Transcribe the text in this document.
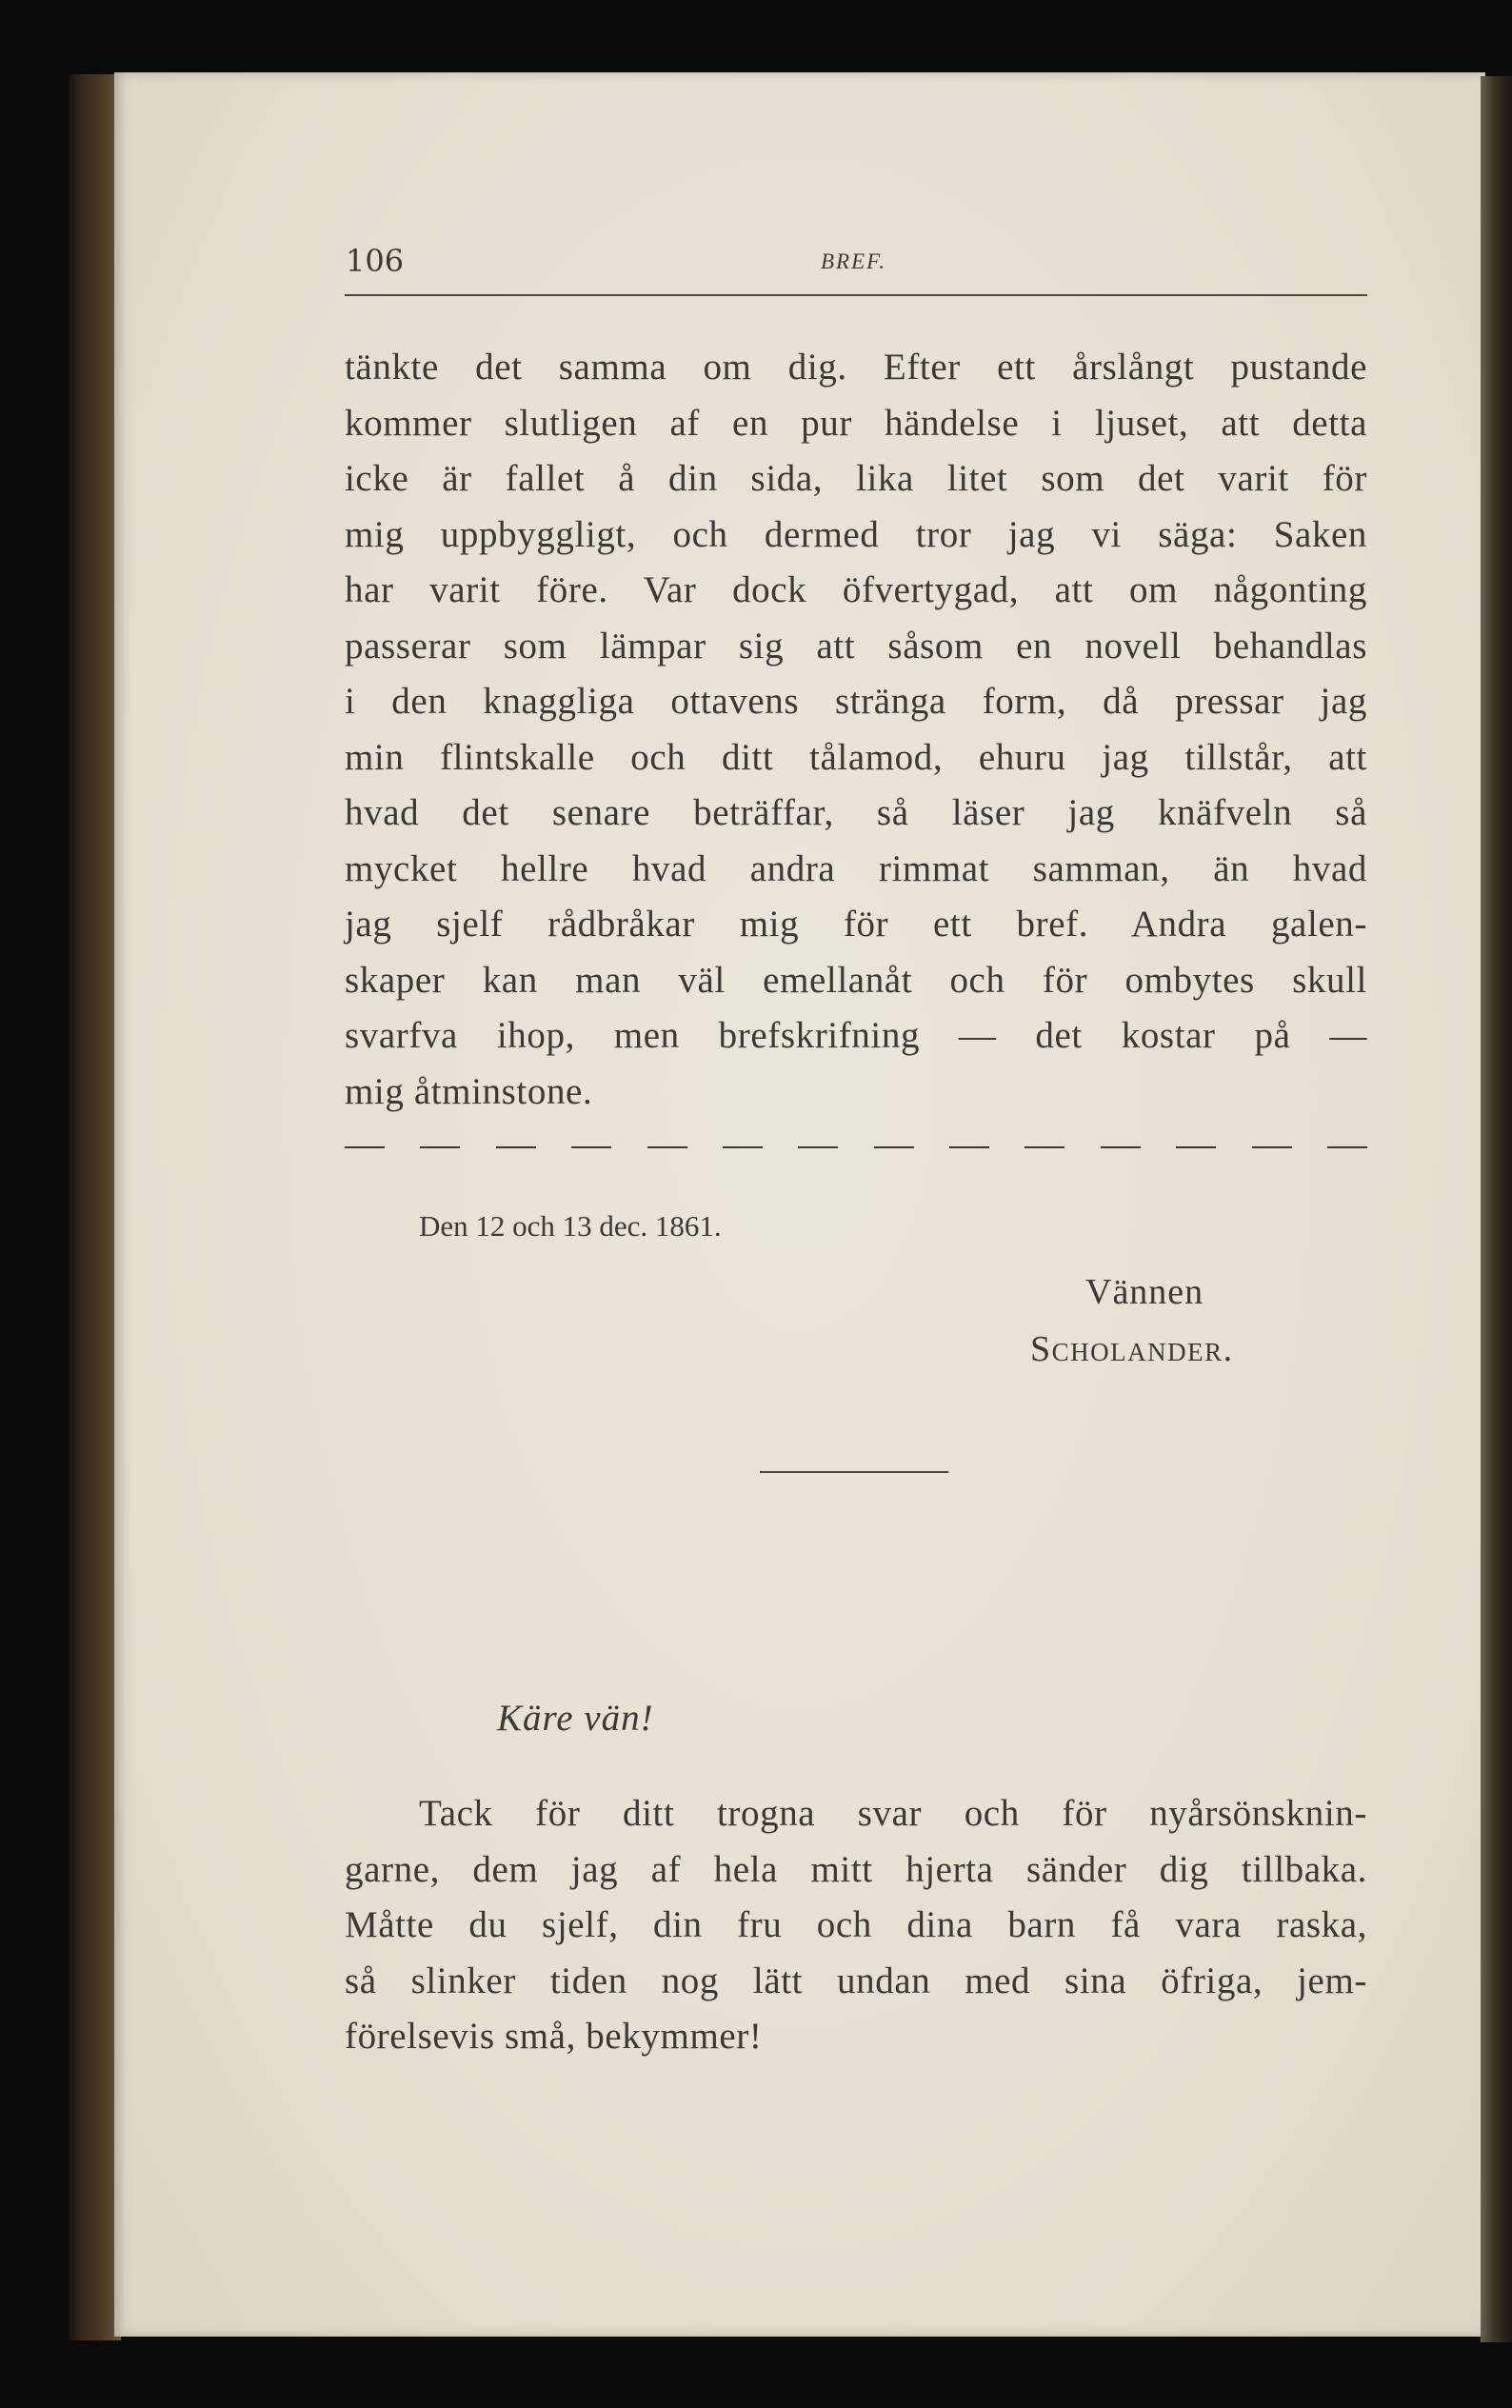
106	BREF.
tänkte det samma om dig. Efter ett årslångt pustande
kommer slutligen af en pur händelse i ljuset, att detta
icke är fallet å din sida, lika litet som det varit för
mig uppbyggligt, och dermed tror jag vi säga: Saken
har varit före. Var dock öfvertygad, att om någonting
passerar som lämpar sig att såsom en novell behandlas
i den knaggliga ottavens stränga form, då pressar jag
min flintskalle och ditt tålamod, ehuru jag tillstår, att
hvad det senare beträffar, så läser jag knäfveln så
mycket hellre hvad andra rimmat samman, än hvad
jag sjelf rådbråkar mig för ett bref. Andra galen-
skaper kan man väl emellanåt och för ombytes skull
svarfva ihop, men brefskrifning — det kostar på —
mig åtminstone.
Den 12 och 13 dec. 1861.
Vännen
Scholander.
Käre vän!
Tack för ditt trogna svar och för nyårsönsknin-
garne, dem jag af hela mitt hjerta sänder dig tillbaka.
Måtte du sjelf, din fru och dina barn få vara raska,
så slinker tiden nog lätt undan med sina öfriga, jem-
förelsevis små, bekymmer!
